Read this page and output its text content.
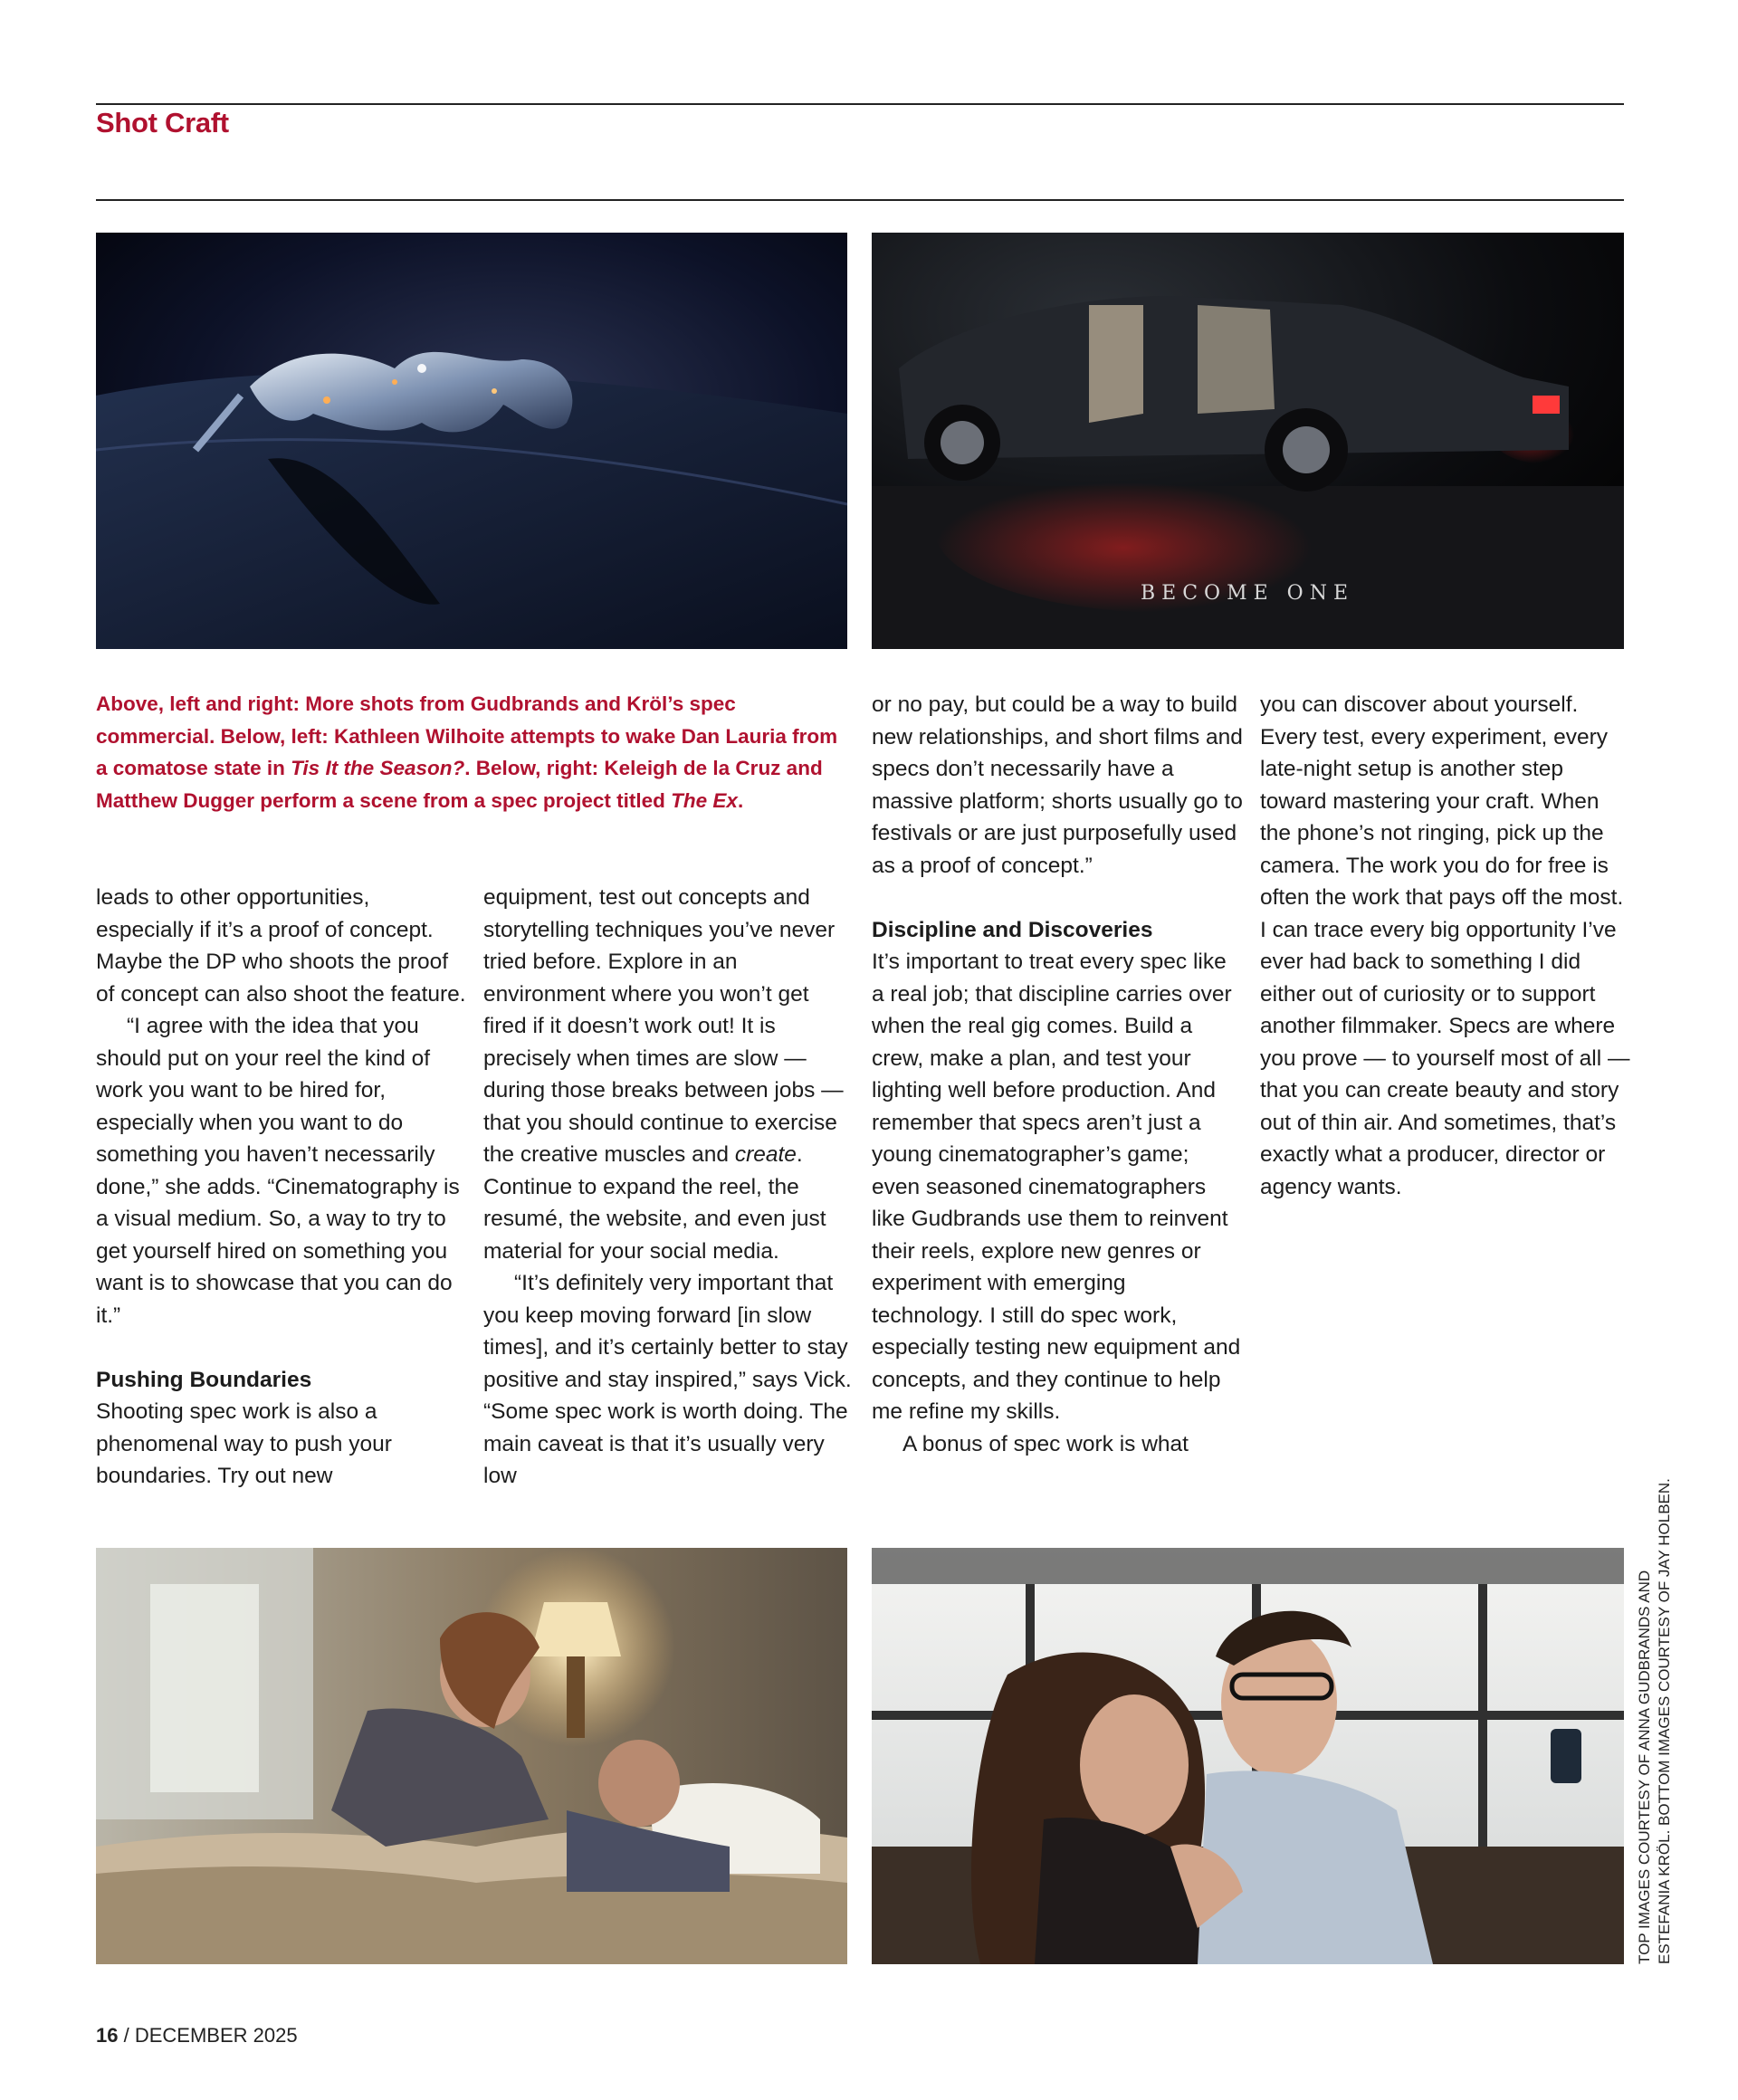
Shot Craft
BECOME ONE
Above, left and right: More shots from Gudbrands and Kröl’s spec commercial. Below, left: Kathleen Wilhoite attempts to wake Dan Lauria from a comatose state in Tis It the Season?. Below, right: Keleigh de la Cruz and Matthew Dugger perform a scene from a spec project titled The Ex.

leads to other opportunities, especially if it’s a proof of concept. Maybe the DP who shoots the proof of concept can also shoot the feature.

“I agree with the idea that you should put on your reel the kind of work you want to be hired for, especially when you want to do something you haven’t necessarily done,” she adds. “Cinematography is a visual medium. So, a way to try to get yourself hired on something you want is to showcase that you can do it.”

Pushing Boundaries

Shooting spec work is also a phenomenal way to push your boundaries. Try out new

equipment, test out concepts and storytelling techniques you’ve never tried before. Explore in an environment where you won’t get fired if it doesn’t work out! It is precisely when times are slow — during those breaks between jobs — that you should continue to exercise the creative muscles and create. Continue to expand the reel, the resumé, the website, and even just material for your social media.

“It’s definitely very important that you keep moving forward [in slow times], and it’s certainly better to stay positive and stay inspired,” says Vick. “Some spec work is worth doing. The main caveat is that it’s usually very low

or no pay, but could be a way to build new relationships, and short films and specs don’t necessarily have a massive platform; shorts usually go to festivals or are just purposefully used as a proof of concept.”

Discipline and Discoveries

It’s important to treat every spec like a real job; that discipline carries over when the real gig comes. Build a crew, make a plan, and test your lighting well before production. And remember that specs aren’t just a young cinematographer’s game; even seasoned cinematographers like Gudbrands use them to reinvent their reels, explore new genres or experiment with emerging technology. I still do spec work, especially testing new equipment and concepts, and they continue to help me refine my skills.

A bonus of spec work is what

you can discover about yourself. Every test, every experiment, every late-night setup is another step toward mastering your craft. When the phone’s not ringing, pick up the camera. The work you do for free is often the work that pays off the most. I can trace every big opportunity I’ve ever had back to something I did either out of curiosity or to support another filmmaker. Specs are where you prove — to yourself most of all — that you can create beauty and story out of thin air. And sometimes, that’s exactly what a producer, director or agency wants.

TOP IMAGES COURTESY OF ANNA GUDBRANDS AND ESTEFANIA KRÖL. BOTTOM IMAGES COURTESY OF JAY HOLBEN.
16 / DECEMBER 2025
